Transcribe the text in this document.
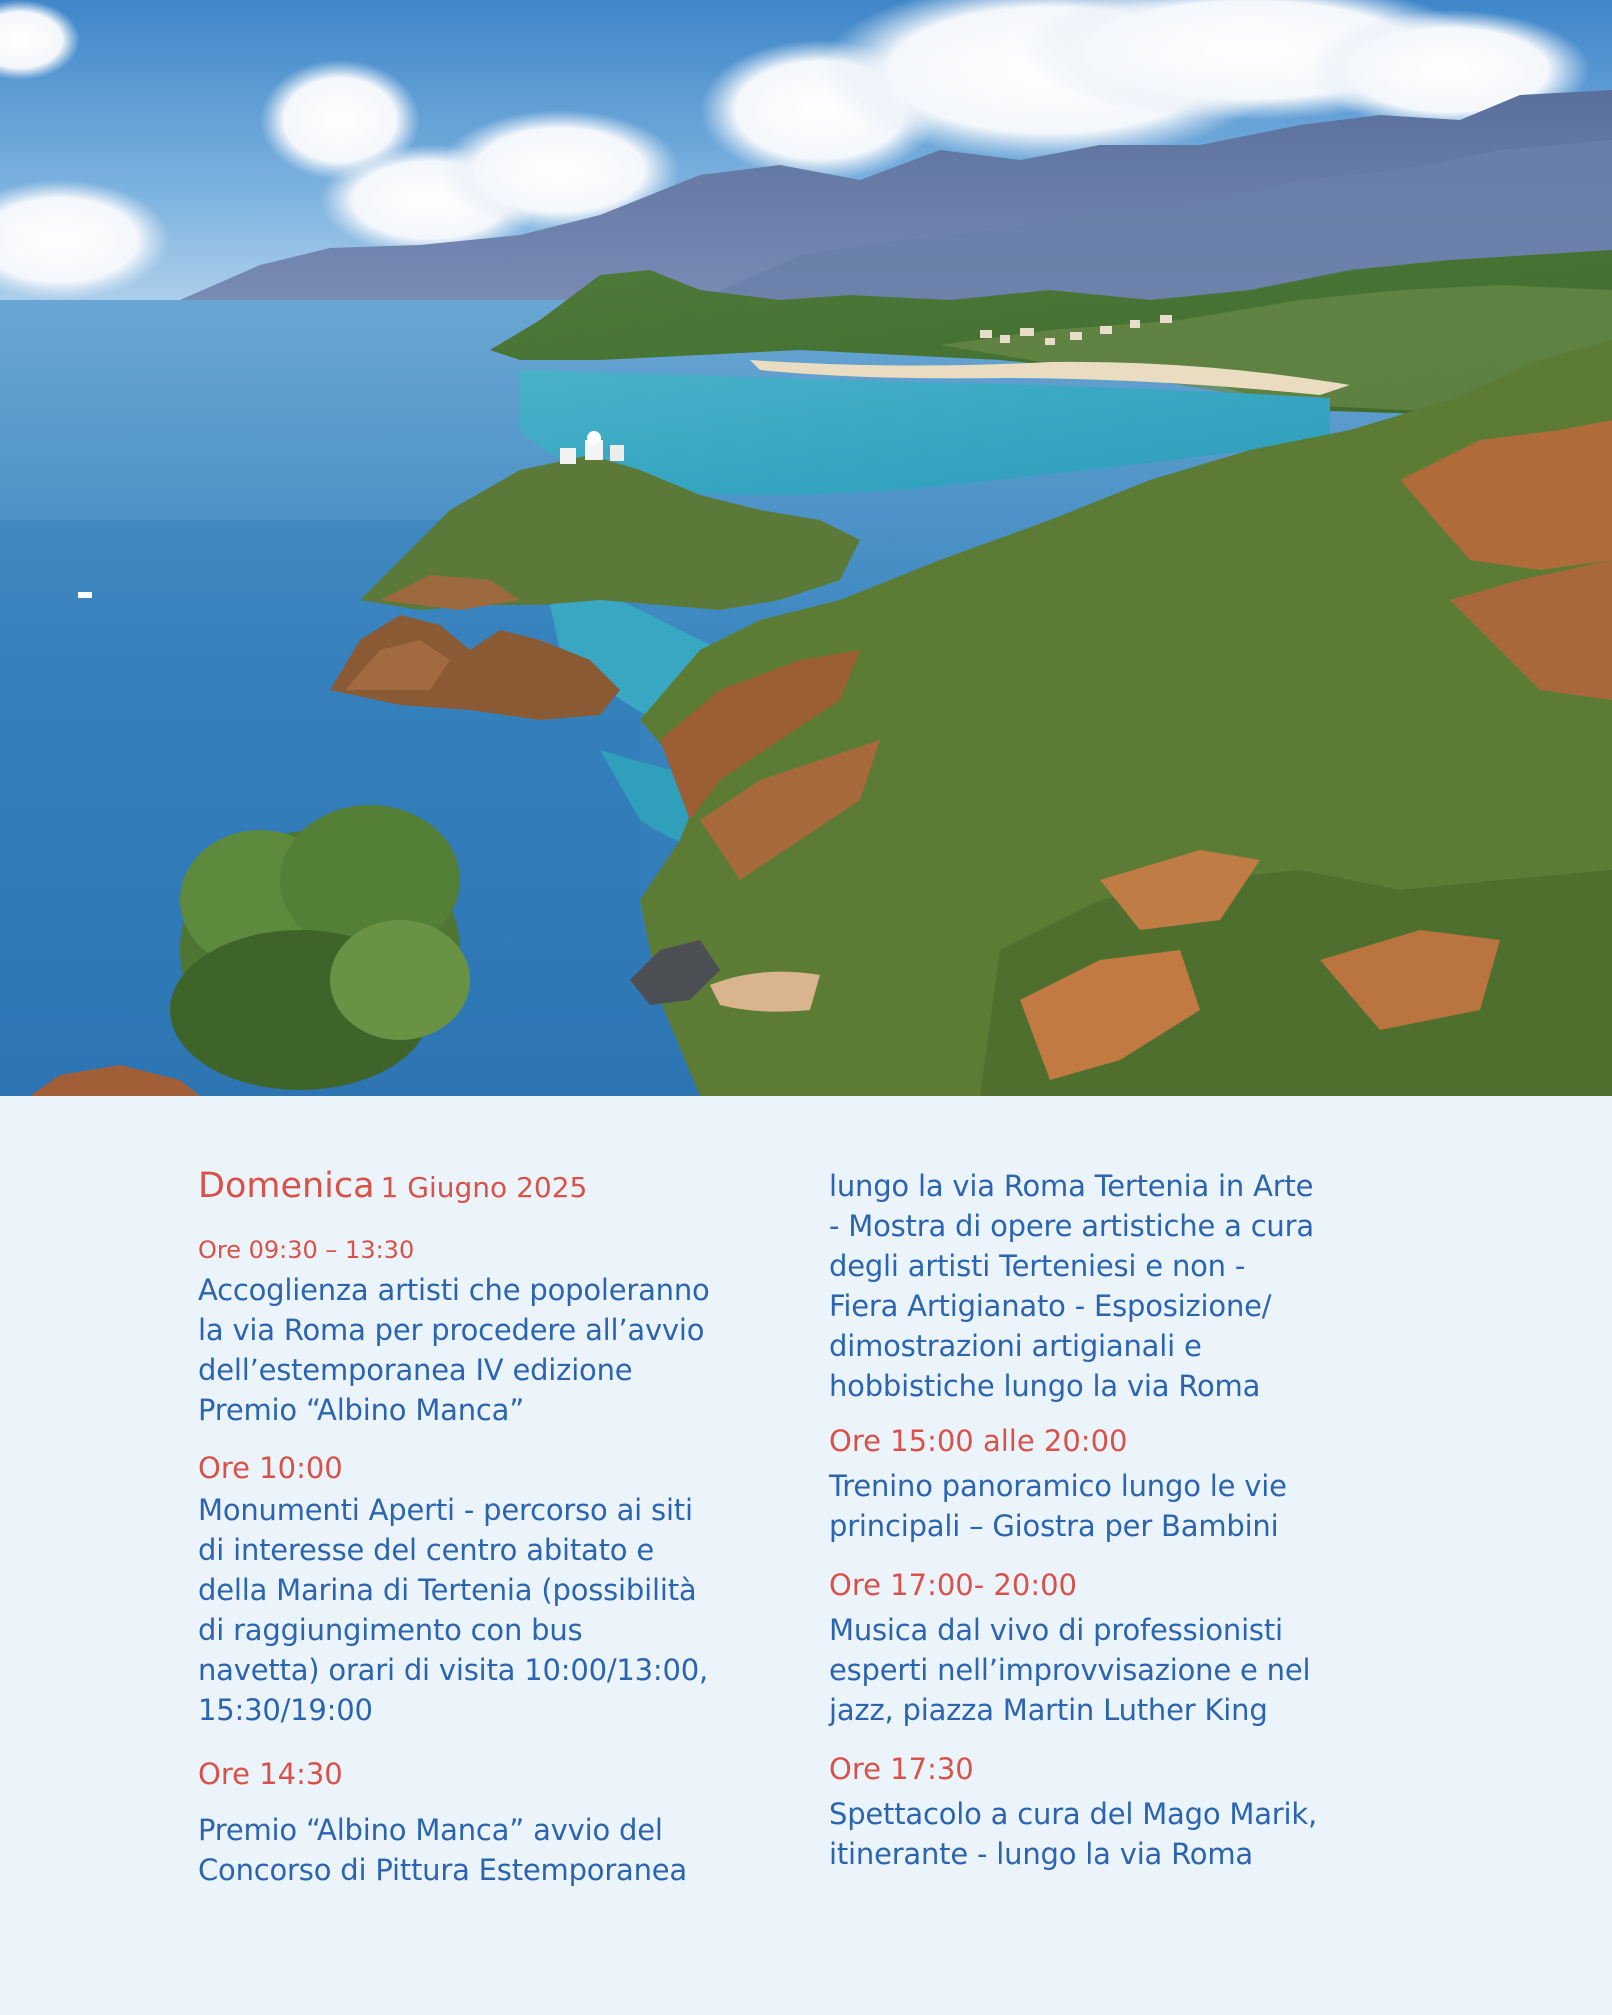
Domenica 1 Giugno 2025
Ore 09:30 – 13:30
Accoglienza artisti che popoleranno
la via Roma per procedere all’avvio
dell’estemporanea IV edizione
Premio “Albino Manca”
Ore 10:00
Monumenti Aperti - percorso ai siti
di interesse del centro abitato e
della Marina di Tertenia (possibilità
di raggiungimento con bus
navetta) orari di visita 10:00/13:00,
15:30/19:00
Ore 14:30
Premio “Albino Manca” avvio del
Concorso di Pittura Estemporanea
lungo la via Roma Tertenia in Arte
- Mostra di opere artistiche a cura
degli artisti Terteniesi e non -
Fiera Artigianato - Esposizione/
dimostrazioni artigianali e
hobbistiche lungo la via Roma
Ore 15:00 alle 20:00
Trenino panoramico lungo le vie
principali – Giostra per Bambini
Ore 17:00- 20:00
Musica dal vivo di professionisti
esperti nell’improvvisazione e nel
jazz, piazza Martin Luther King
Ore 17:30
Spettacolo a cura del Mago Marik,
itinerante - lungo la via Roma
